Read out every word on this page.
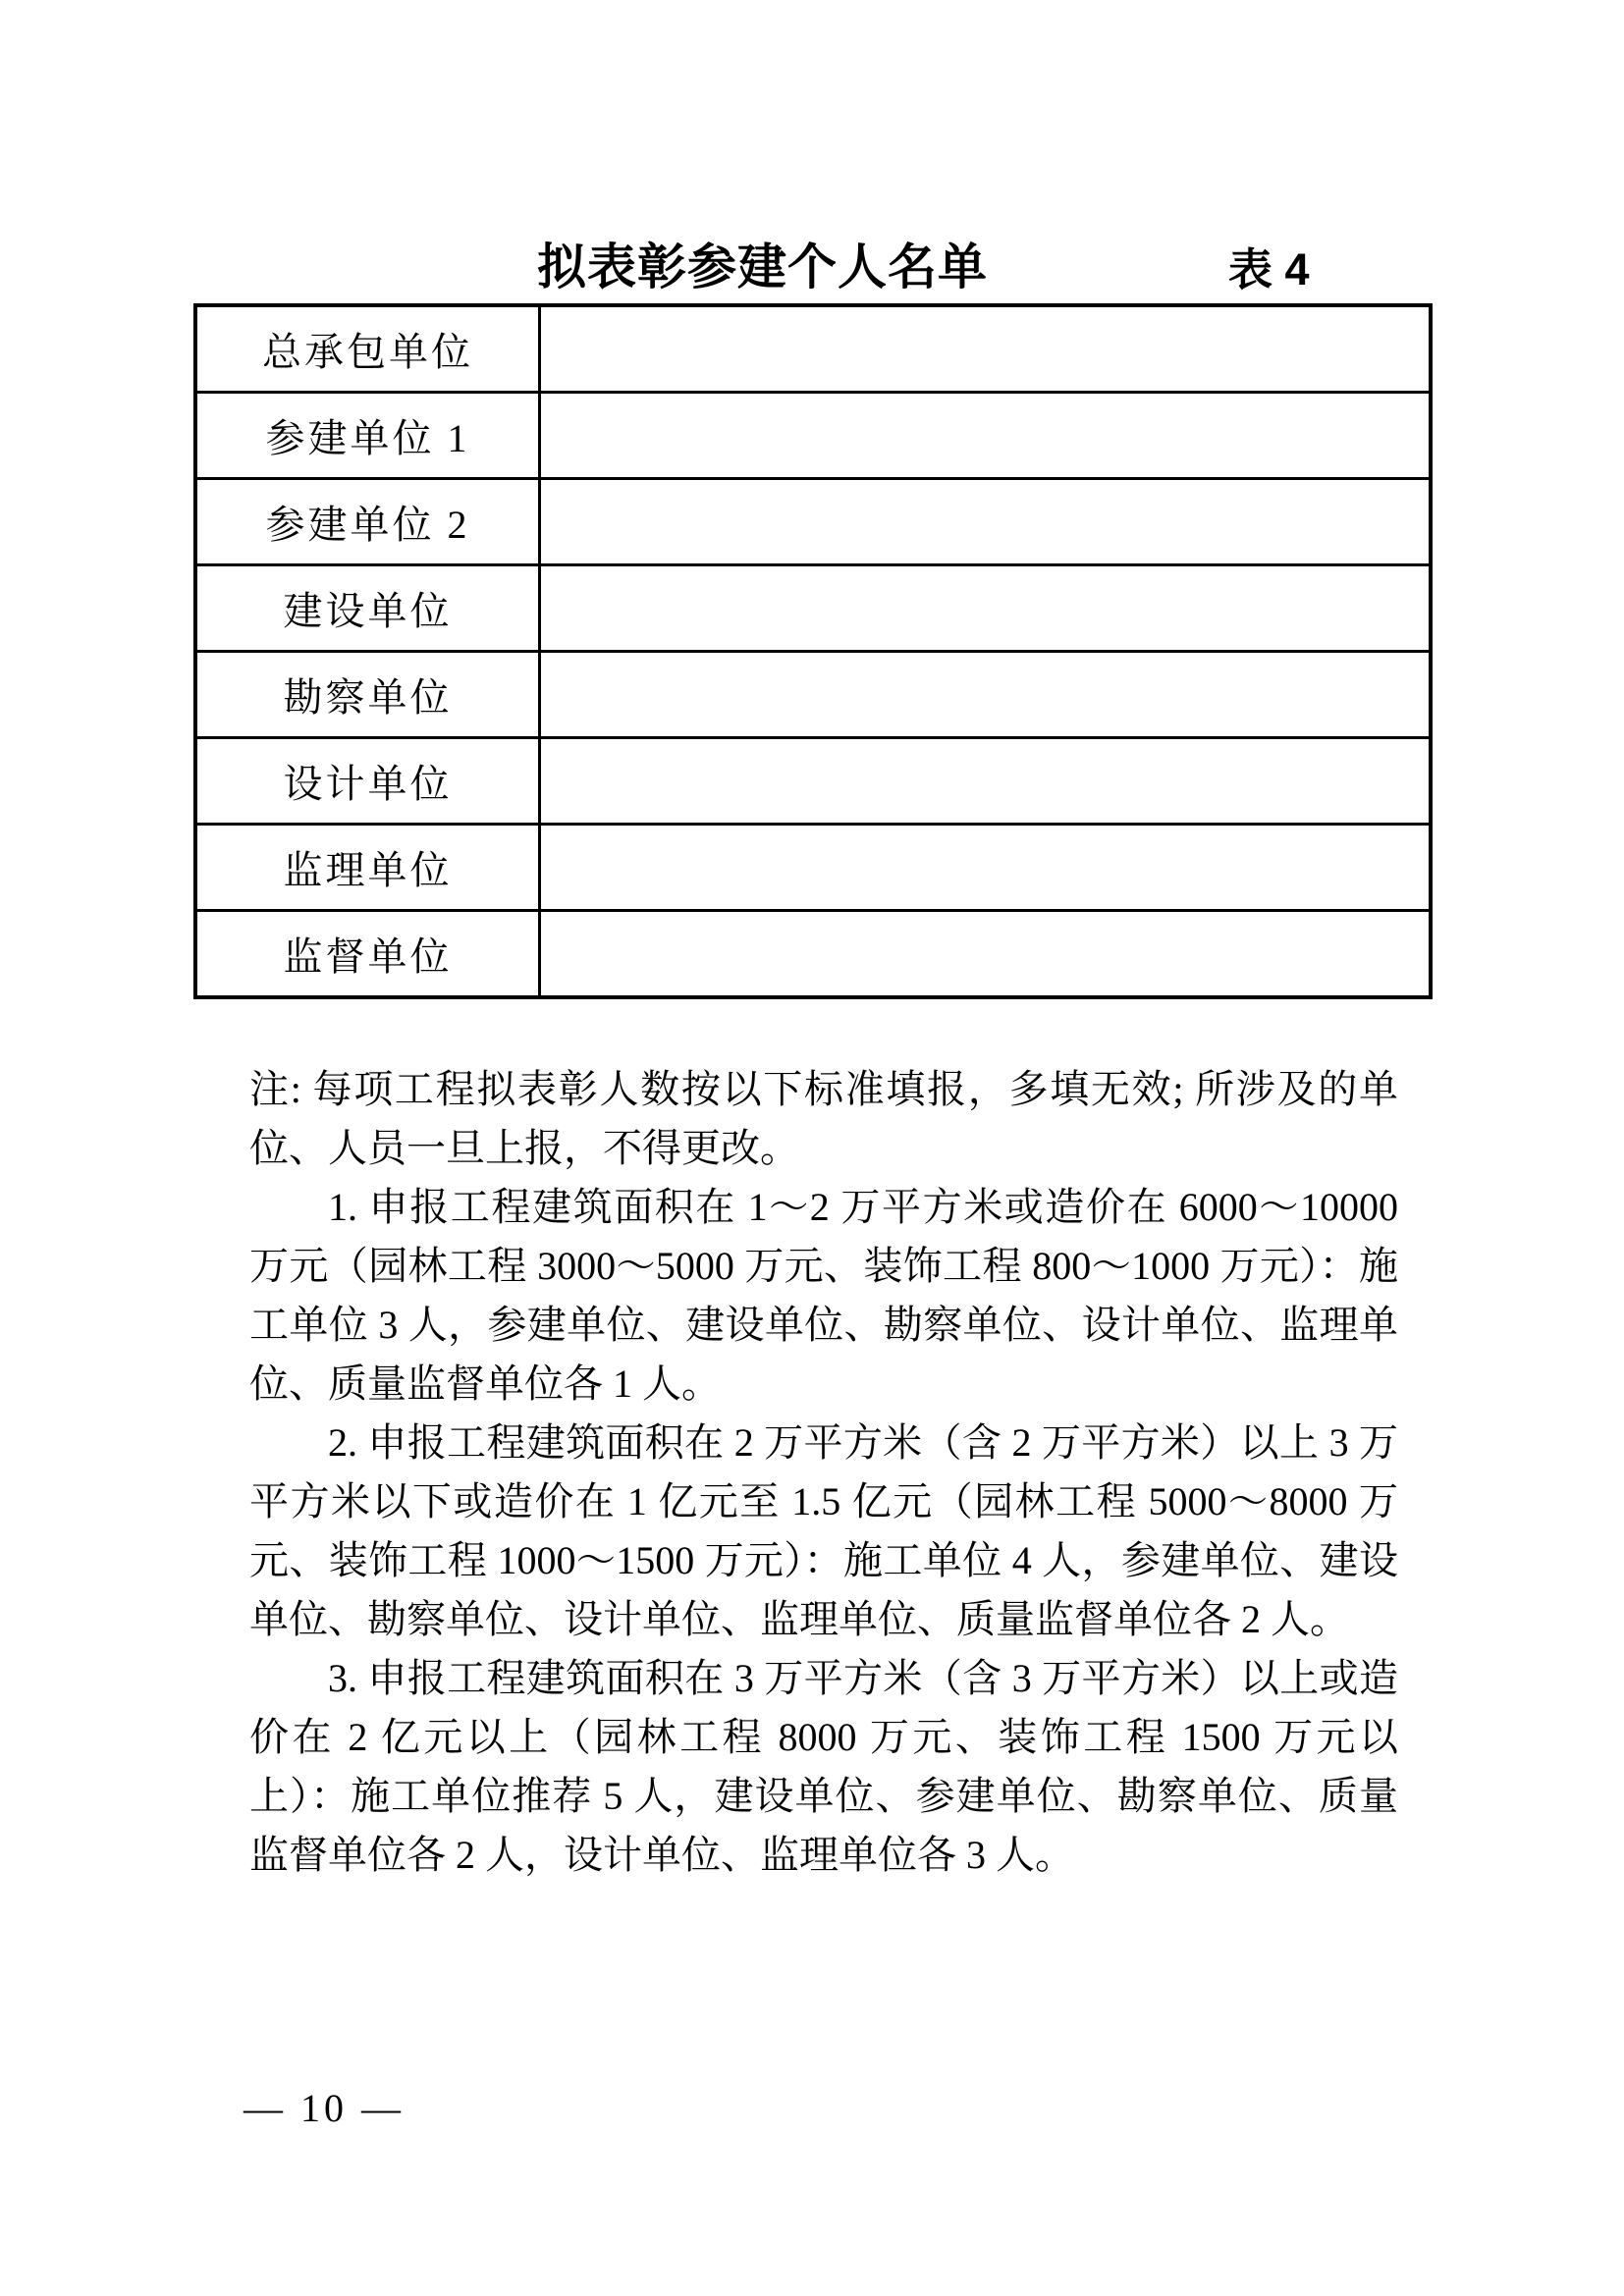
拟表彰参建个人名单	表 4
总承包单位	
参建单位 1	
参建单位 2	
建设单位	
勘察单位	
设计单位	
监理单位	
监督单位	

注: 每项工程拟表彰人数按以下标准填报，多填无效; 所涉及的单位、人员一旦上报，不得更改。

1. 申报工程建筑面积在 1～2 万平方米或造价在 6000～10000 万元（园林工程 3000～5000 万元、装饰工程 800～1000 万元）：施工单位 3 人，参建单位、建设单位、勘察单位、设计单位、监理单位、质量监督单位各 1 人。

2. 申报工程建筑面积在 2 万平方米（含 2 万平方米）以上 3 万平方米以下或造价在 1 亿元至 1.5 亿元（园林工程 5000～8000 万元、装饰工程 1000～1500 万元）：施工单位 4 人，参建单位、建设单位、勘察单位、设计单位、监理单位、质量监督单位各 2 人。

3. 申报工程建筑面积在 3 万平方米（含 3 万平方米）以上或造价在 2 亿元以上（园林工程 8000 万元、装饰工程 1500 万元以上）：施工单位推荐 5 人，建设单位、参建单位、勘察单位、质量监督单位各 2 人，设计单位、监理单位各 3 人。

— 10 —
